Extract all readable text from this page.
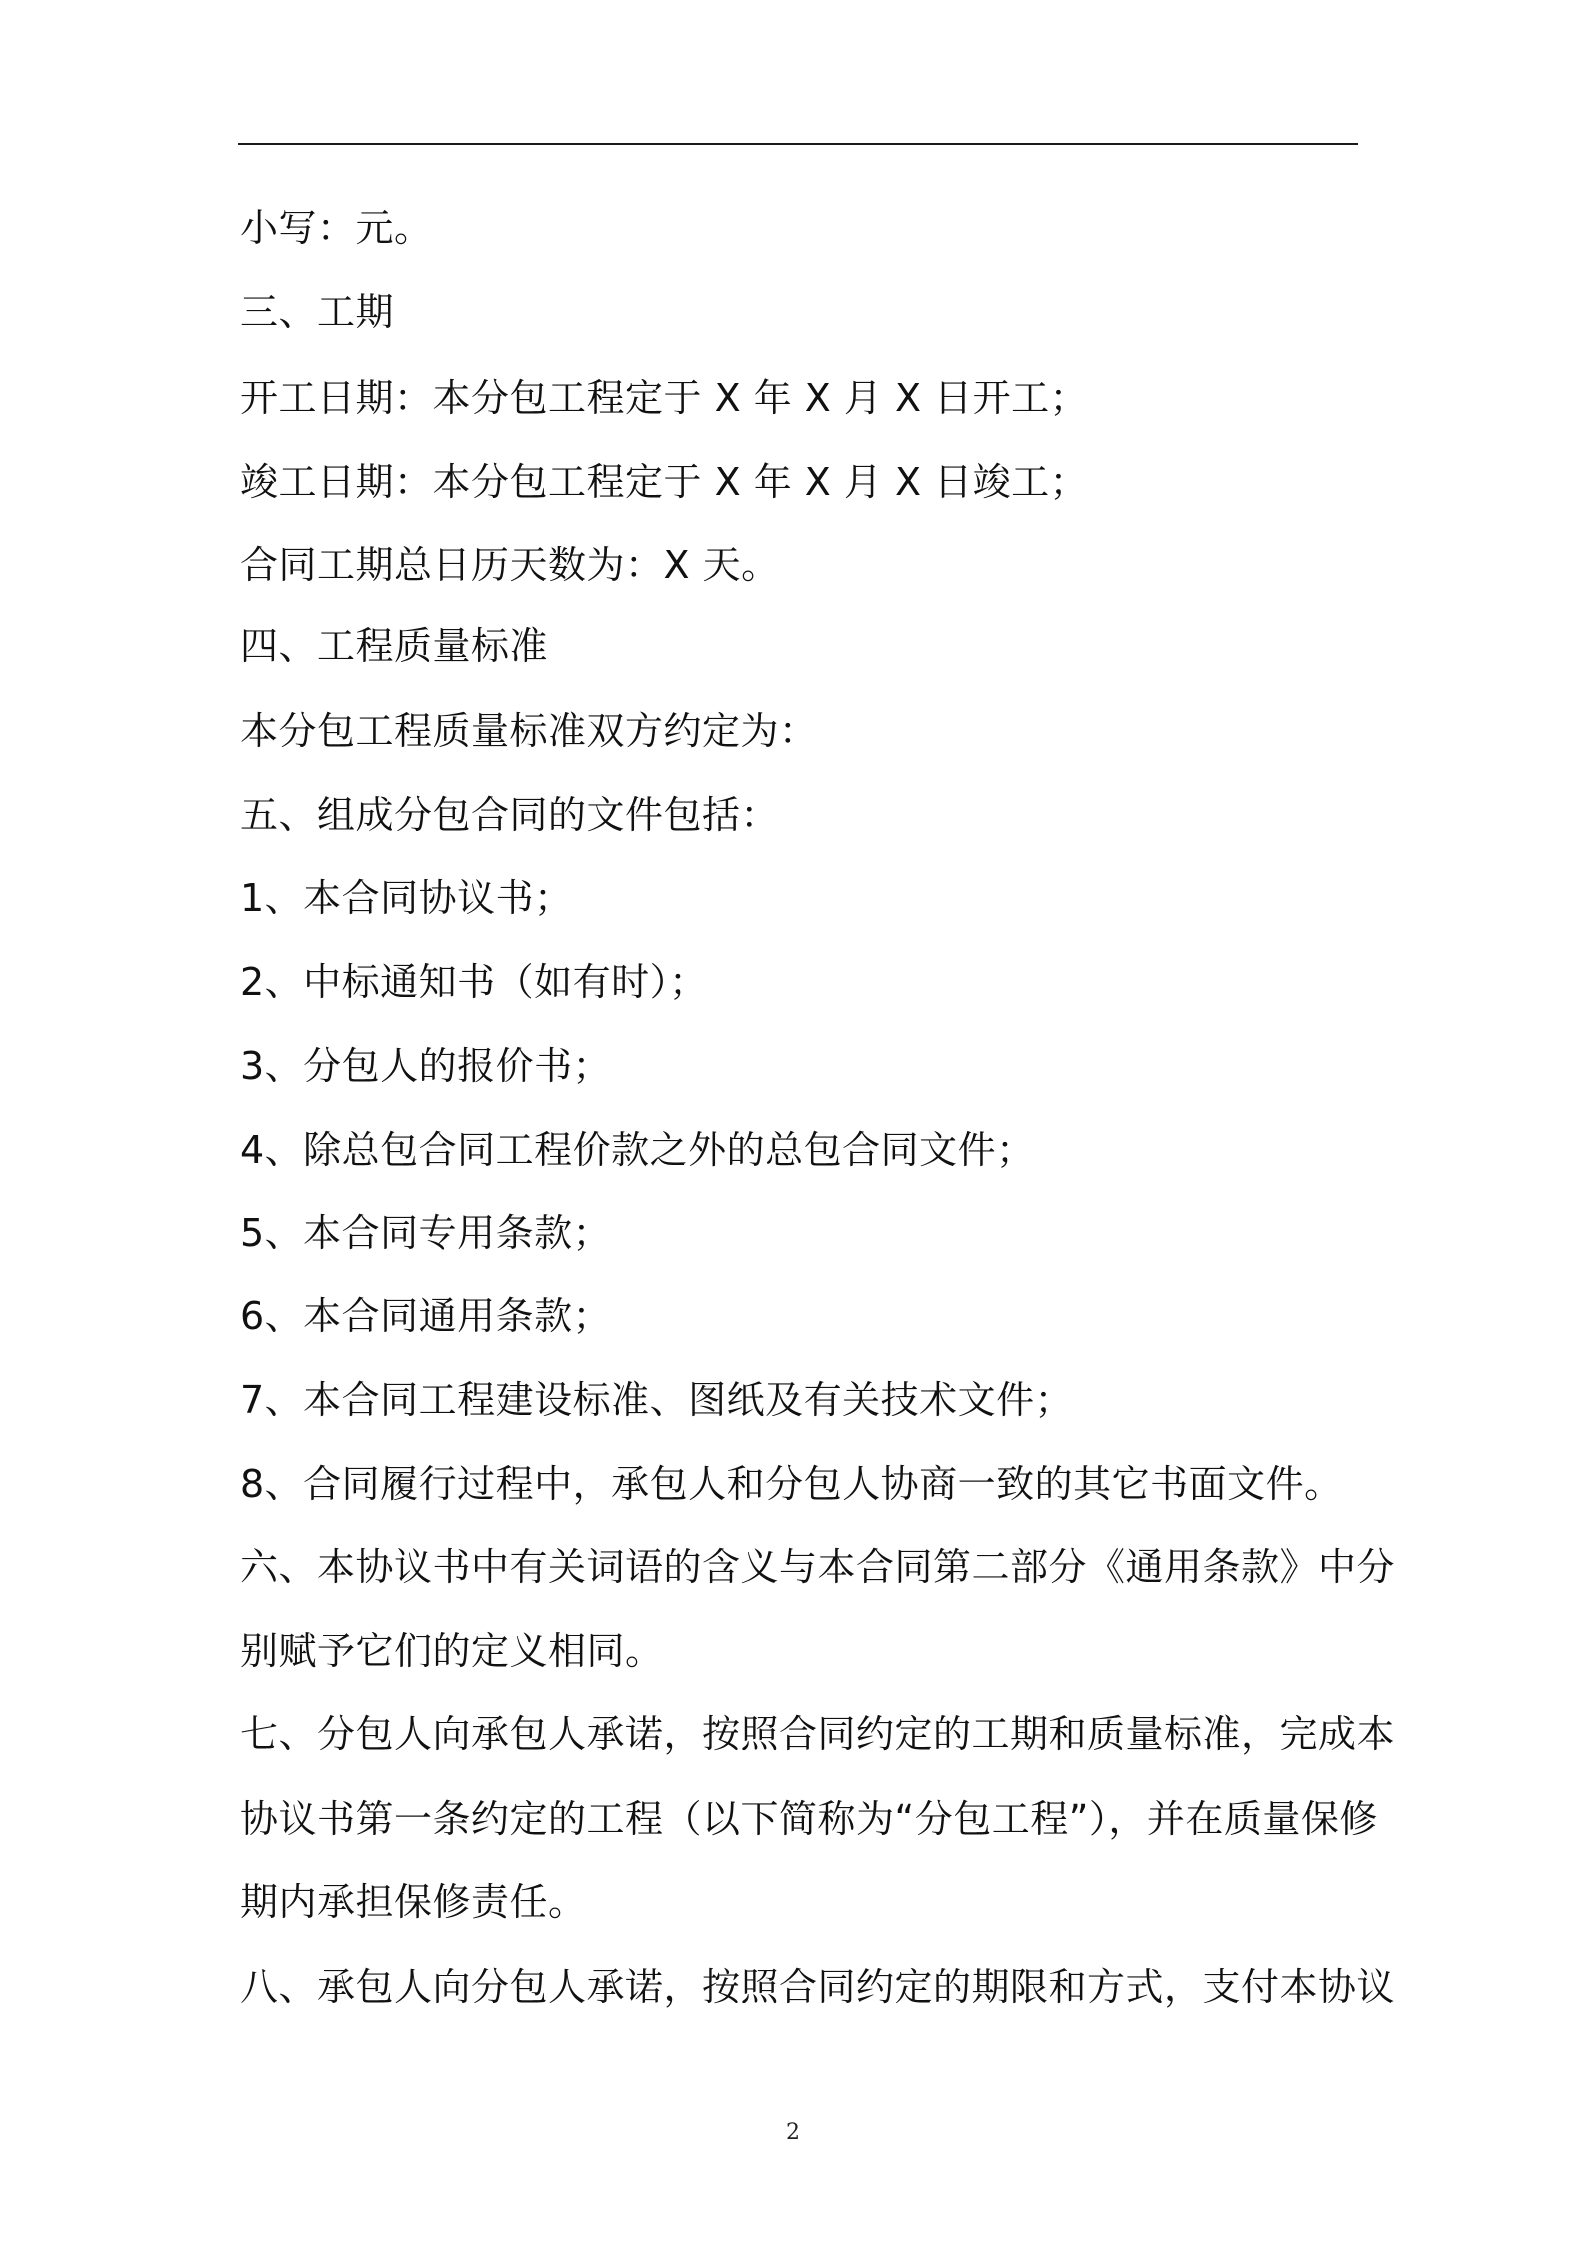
小写：元。
三、工期
开工日期：本分包工程定于 X 年 X 月 X 日开工；
竣工日期：本分包工程定于 X 年 X 月 X 日竣工；
合同工期总日历天数为：X 天。
四、工程质量标准
本分包工程质量标准双方约定为：
五、组成分包合同的文件包括：
1、本合同协议书；
2、中标通知书（如有时）；
3、分包人的报价书；
4、除总包合同工程价款之外的总包合同文件；
5、本合同专用条款；
6、本合同通用条款；
7、本合同工程建设标准、图纸及有关技术文件；
8、合同履行过程中，承包人和分包人协商一致的其它书面文件。
六、本协议书中有关词语的含义与本合同第二部分《通用条款》中分
别赋予它们的定义相同。
七、分包人向承包人承诺，按照合同约定的工期和质量标准，完成本
协议书第一条约定的工程（以下简称为“分包工程”），并在质量保修
期内承担保修责任。
八、承包人向分包人承诺，按照合同约定的期限和方式，支付本协议
2
